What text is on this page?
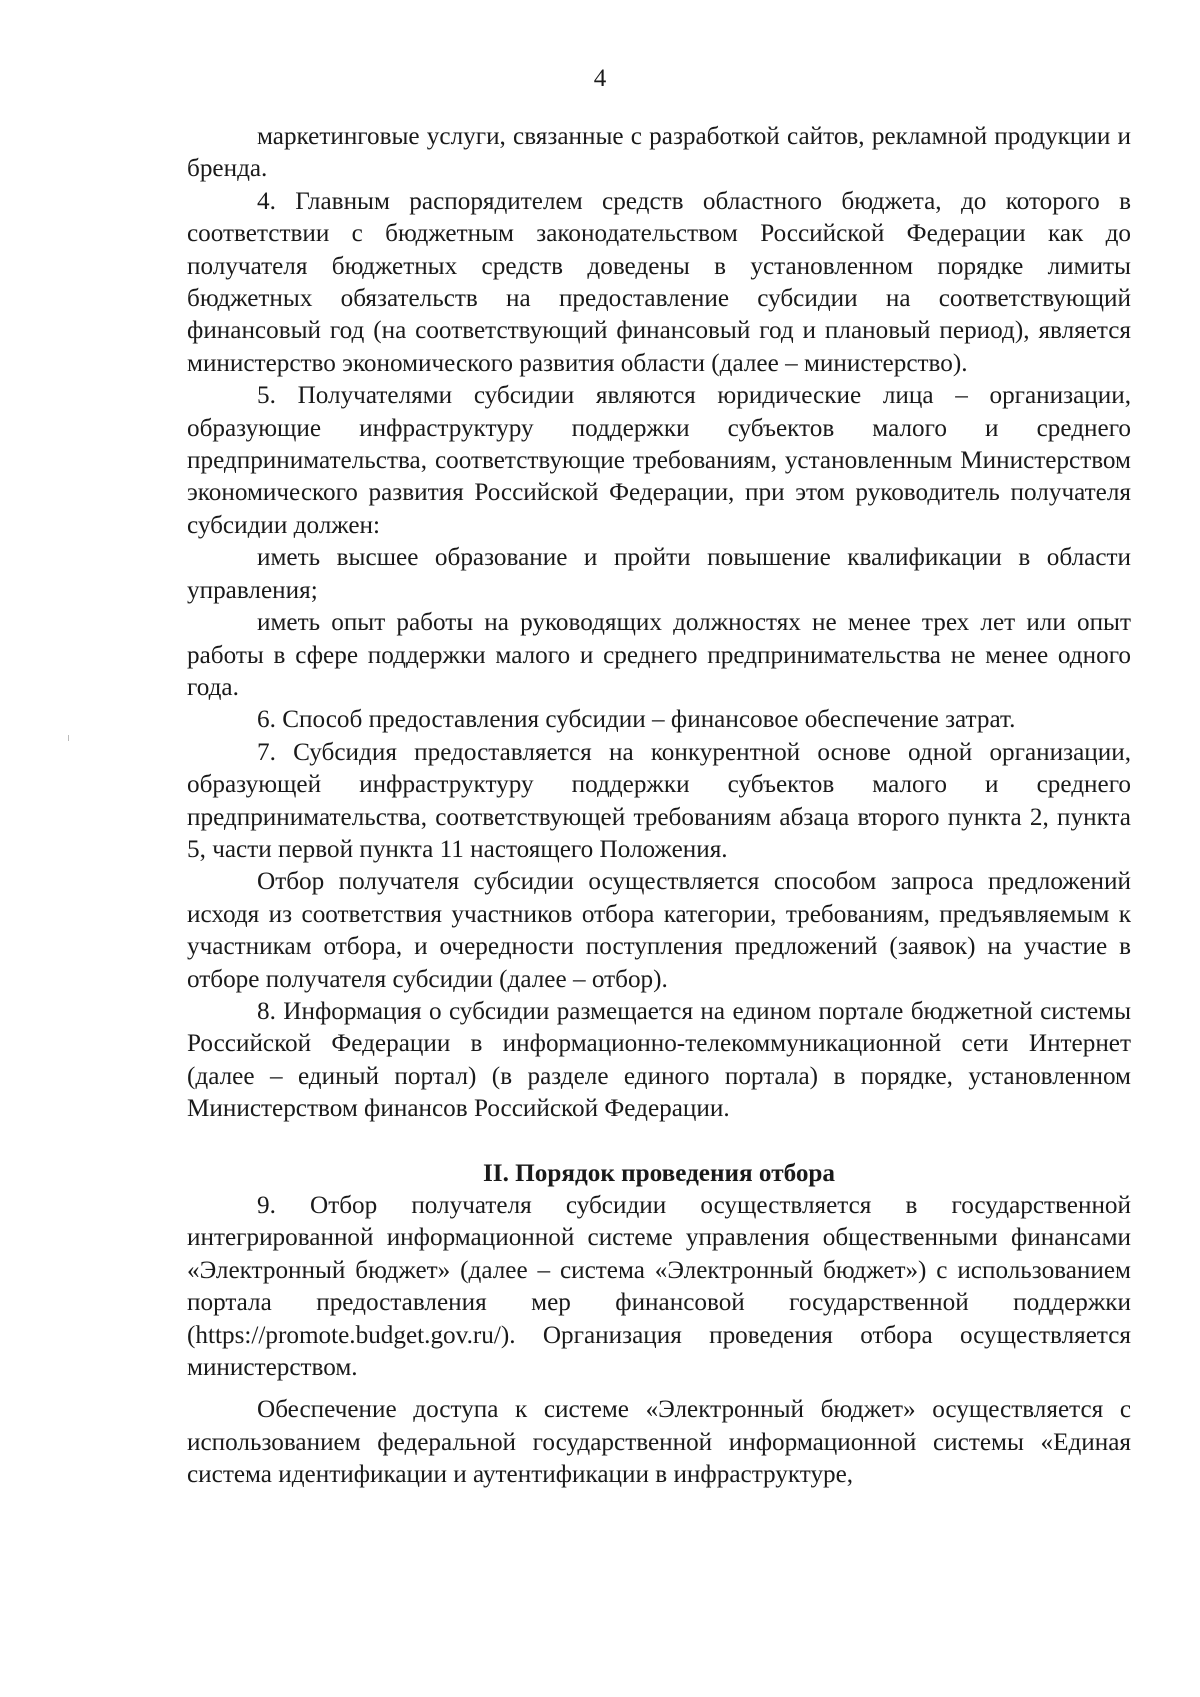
4

маркетинговые услуги, связанные с разработкой сайтов, рекламной продукции и бренда.

4. Главным распорядителем средств областного бюджета, до которого в соответствии с бюджетным законодательством Российской Федерации как до получателя бюджетных средств доведены в установленном порядке лимиты бюджетных обязательств на предоставление субсидии на соответствующий финансовый год (на соответствующий финансовый год и плановый период), является министерство экономического развития области (далее – министерство).

5. Получателями субсидии являются юридические лица – организации, образующие инфраструктуру поддержки субъектов малого и среднего предпринимательства, соответствующие требованиям, установленным Министерством экономического развития Российской Федерации, при этом руководитель получателя субсидии должен:

иметь высшее образование и пройти повышение квалификации в области управления;

иметь опыт работы на руководящих должностях не менее трех лет или опыт работы в сфере поддержки малого и среднего предпринимательства не менее одного года.

6. Способ предоставления субсидии – финансовое обеспечение затрат.

7. Субсидия предоставляется на конкурентной основе одной организации, образующей инфраструктуру поддержки субъектов малого и среднего предпринимательства, соответствующей требованиям абзаца второго пункта 2, пункта 5, части первой пункта 11 настоящего Положения.

Отбор получателя субсидии осуществляется способом запроса предложений исходя из соответствия участников отбора категории, требованиям, предъявляемым к участникам отбора, и очередности поступления предложений (заявок) на участие в отборе получателя субсидии (далее – отбор).

8. Информация о субсидии размещается на едином портале бюджетной системы Российской Федерации в информационно-телекоммуникационной сети Интернет (далее – единый портал) (в разделе единого портала) в порядке, установленном Министерством финансов Российской Федерации.

II. Порядок проведения отбора

9. Отбор получателя субсидии осуществляется в государственной интегрированной информационной системе управления общественными финансами «Электронный бюджет» (далее – система «Электронный бюджет») с использованием портала предоставления мер финансовой государственной поддержки (https://promote.budget.gov.ru/). Организация проведения отбора осуществляется министерством.

Обеспечение доступа к системе «Электронный бюджет» осуществляется с использованием федеральной государственной информационной системы «Единая система идентификации и аутентификации в инфраструктуре,
